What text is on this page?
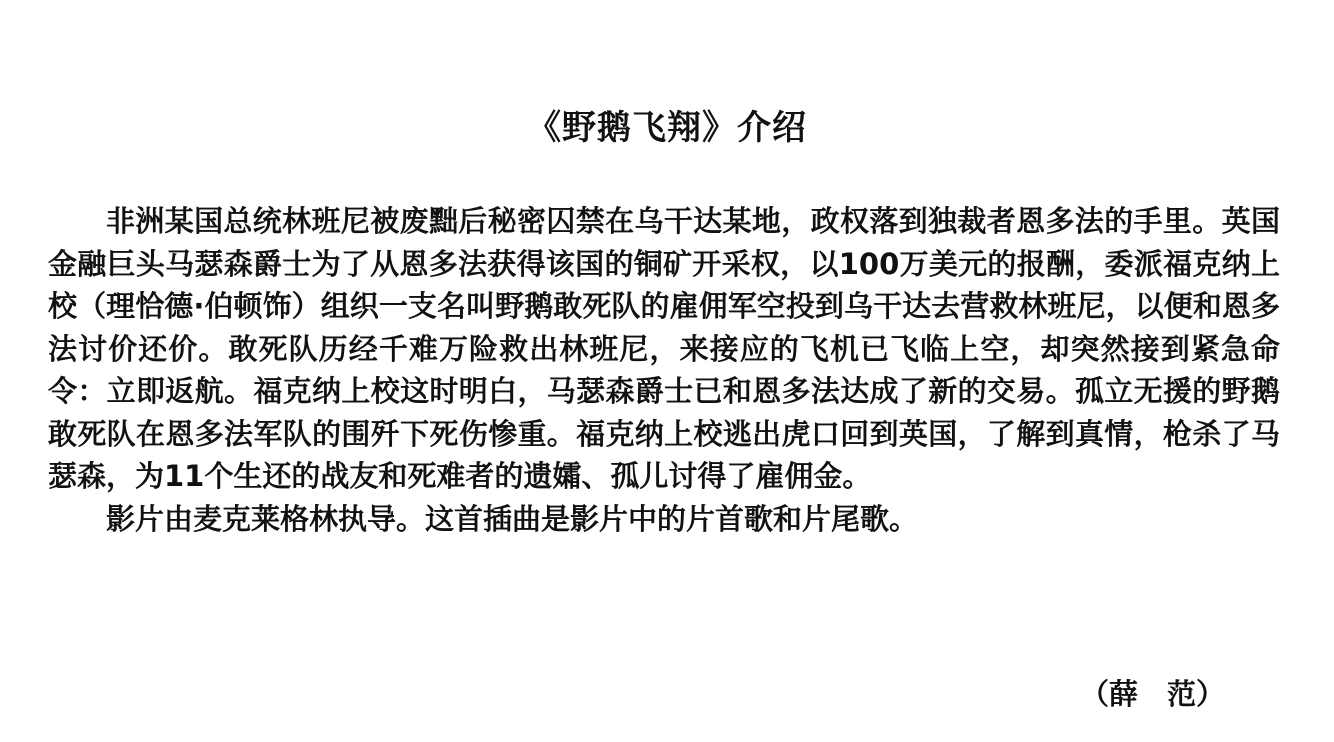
《野鹅飞翔》介绍

非洲某国总统林班尼被废黜后秘密囚禁在乌干达某地，政权落到独裁者恩多法的手里。英国金融巨头马瑟森爵士为了从恩多法获得该国的铜矿开采权，以100万美元的报酬，委派福克纳上校（理恰德·伯顿饰）组织一支名叫野鹅敢死队的雇佣军空投到乌干达去营救林班尼，以便和恩多法讨价还价。敢死队历经千难万险救出林班尼，来接应的飞机已飞临上空，却突然接到紧急命令：立即返航。福克纳上校这时明白，马瑟森爵士已和恩多法达成了新的交易。孤立无援的野鹅敢死队在恩多法军队的围歼下死伤惨重。福克纳上校逃出虎口回到英国，了解到真情，枪杀了马瑟森，为11个生还的战友和死难者的遗孀、孤儿讨得了雇佣金。

影片由麦克莱格林执导。这首插曲是影片中的片首歌和片尾歌。

（薛　范）
